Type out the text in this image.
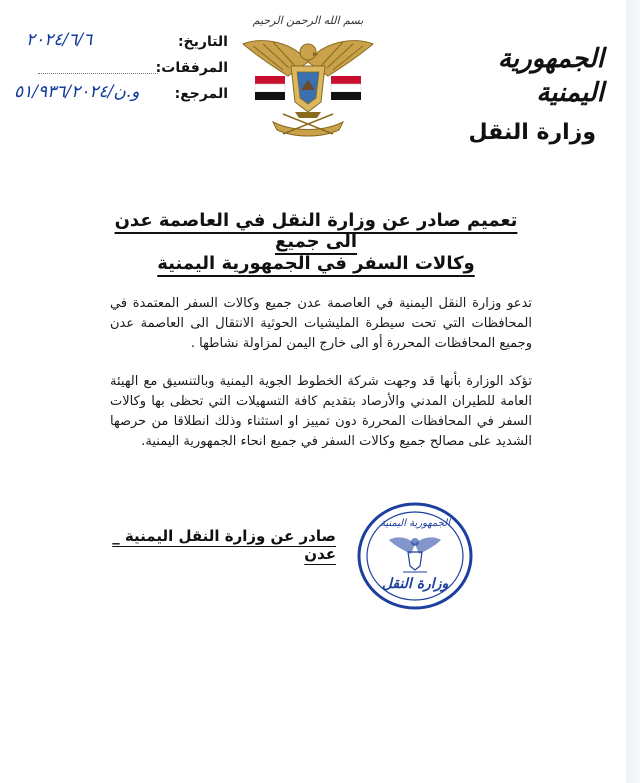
الجمهورية اليمنية
وزارة النقل
بسم الله الرحمن الرحيم
التاريخ:
٢٠٢٤/٦/٦
المرفقات:
المرجع:
و.ن/٥١/٩٣٦/٢٠٢٤
تعميم صادر عن وزارة النقل في العاصمة عدن الى جميع
وكالات السفر في الجمهورية اليمنية
تدعو وزارة النقل اليمنية في العاصمة عدن جميع وكالات السفر المعتمدة في المحافظات التي تحت سيطرة المليشيات الحوثية الانتقال الى العاصمة عدن وجميع المحافظات المحررة أو الى خارج اليمن لمزاولة نشاطها .
تؤكد الوزارة بأنها قد وجهت شركة الخطوط الجوية اليمنية وبالتنسيق مع الهيئة العامة للطيران المدني والأرصاد بتقديم كافة التسهيلات التي تحظى بها وكالات السفر في المحافظات المحررة دون تمييز او استثناء وذلك انطلاقا من حرصها الشديد على مصالح جميع وكالات السفر في جميع انحاء الجمهورية اليمنية.
صادر عن وزارة النقل اليمنية _ عدن
الجمهورية اليمنية
وزارة النقل
